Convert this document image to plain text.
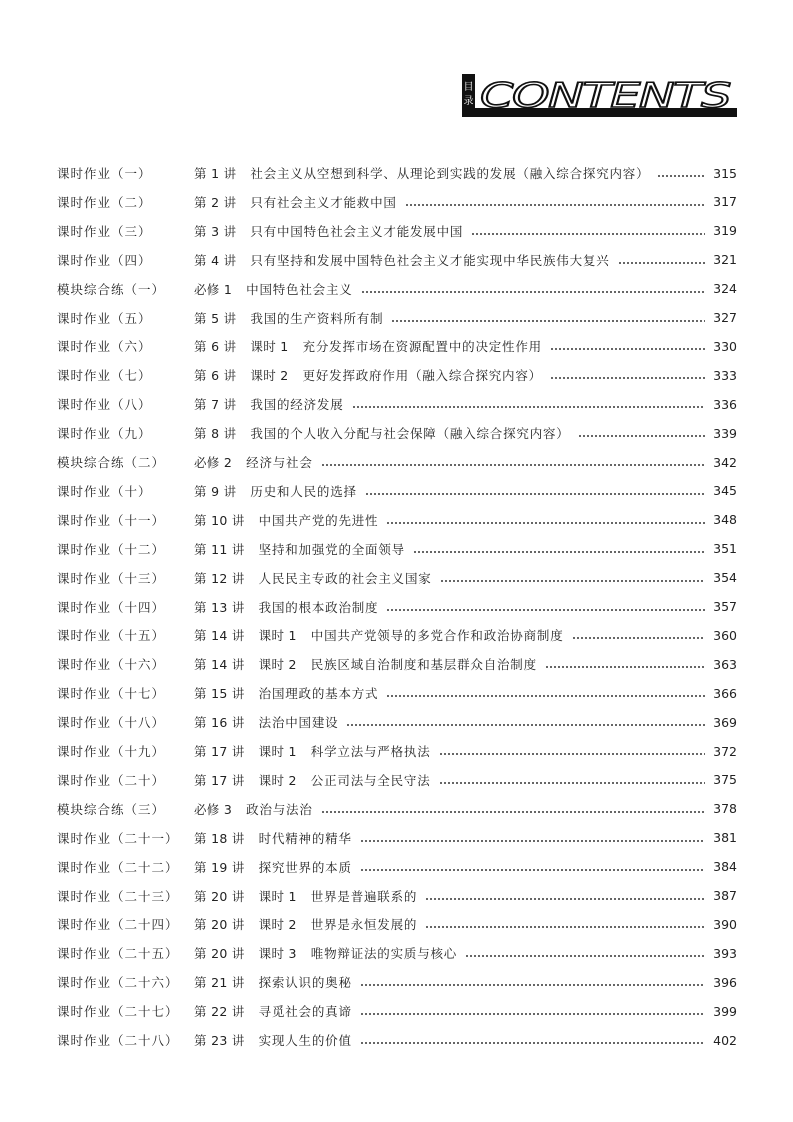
目
录 CONTENTS
课时作业（一）	第 1 讲 社会主义从空想到科学、从理论到实践的发展（融入综合探究内容）	315
课时作业（二）	第 2 讲 只有社会主义才能救中国	317
课时作业（三）	第 3 讲 只有中国特色社会主义才能发展中国	319
课时作业（四）	第 4 讲 只有坚持和发展中国特色社会主义才能实现中华民族伟大复兴	321
模块综合练（一）	必修 1 中国特色社会主义	324
课时作业（五）	第 5 讲 我国的生产资料所有制	327
课时作业（六）	第 6 讲 课时 1 充分发挥市场在资源配置中的决定性作用	330
课时作业（七）	第 6 讲 课时 2 更好发挥政府作用（融入综合探究内容）	333
课时作业（八）	第 7 讲 我国的经济发展	336
课时作业（九）	第 8 讲 我国的个人收入分配与社会保障（融入综合探究内容）	339
模块综合练（二）	必修 2 经济与社会	342
课时作业（十）	第 9 讲 历史和人民的选择	345
课时作业（十一）	第 10 讲 中国共产党的先进性	348
课时作业（十二）	第 11 讲 坚持和加强党的全面领导	351
课时作业（十三）	第 12 讲 人民民主专政的社会主义国家	354
课时作业（十四）	第 13 讲 我国的根本政治制度	357
课时作业（十五）	第 14 讲 课时 1 中国共产党领导的多党合作和政治协商制度	360
课时作业（十六）	第 14 讲 课时 2 民族区域自治制度和基层群众自治制度	363
课时作业（十七）	第 15 讲 治国理政的基本方式	366
课时作业（十八）	第 16 讲 法治中国建设	369
课时作业（十九）	第 17 讲 课时 1 科学立法与严格执法	372
课时作业（二十）	第 17 讲 课时 2 公正司法与全民守法	375
模块综合练（三）	必修 3 政治与法治	378
课时作业（二十一）	第 18 讲 时代精神的精华	381
课时作业（二十二）	第 19 讲 探究世界的本质	384
课时作业（二十三）	第 20 讲 课时 1 世界是普遍联系的	387
课时作业（二十四）	第 20 讲 课时 2 世界是永恒发展的	390
课时作业（二十五）	第 20 讲 课时 3 唯物辩证法的实质与核心	393
课时作业（二十六）	第 21 讲 探索认识的奥秘	396
课时作业（二十七）	第 22 讲 寻觅社会的真谛	399
课时作业（二十八）	第 23 讲 实现人生的价值	402
